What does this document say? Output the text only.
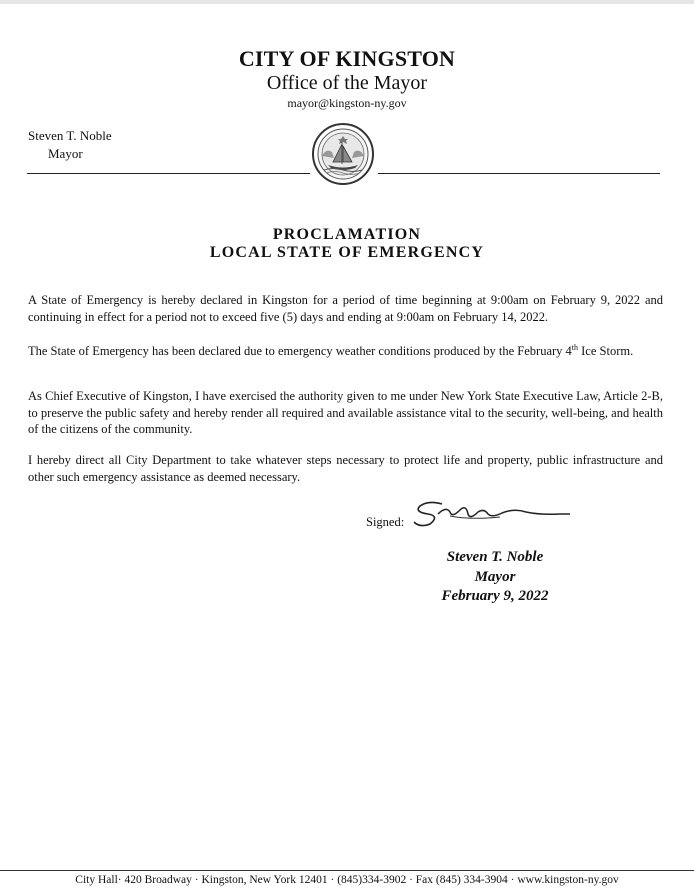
CITY OF KINGSTON
Office of the Mayor
mayor@kingston-ny.gov
Steven T. Noble
Mayor
PROCLAMATION
LOCAL STATE OF EMERGENCY
A State of Emergency is hereby declared in Kingston for a period of time beginning at 9:00am on February 9, 2022 and continuing in effect for a period not to exceed five (5) days and ending at 9:00am on February 14, 2022.
The State of Emergency has been declared due to emergency weather conditions produced by the February 4th Ice Storm.
As Chief Executive of Kingston, I have exercised the authority given to me under New York State Executive Law, Article 2-B, to preserve the public safety and hereby render all required and available assistance vital to the security, well-being, and health of the citizens of the community.
I hereby direct all City Department to take whatever steps necessary to protect life and property, public infrastructure and other such emergency assistance as deemed necessary.
Signed:
Steven T. Noble
Mayor
February 9, 2022
City Hall· 420 Broadway · Kingston, New York 12401 · (845)334-3902 · Fax (845) 334-3904 · www.kingston-ny.gov
